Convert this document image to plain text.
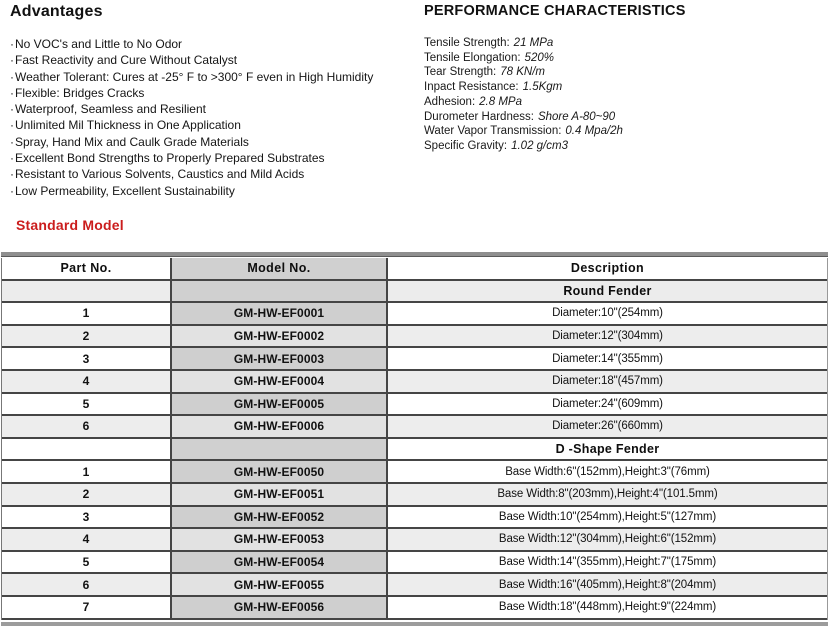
Advantages
·No VOC's and Little to No Odor
·Fast Reactivity and Cure Without Catalyst
·Weather Tolerant: Cures at -25° F to >300° F even in High Humidity
·Flexible: Bridges Cracks
·Waterproof, Seamless and Resilient
·Unlimited Mil Thickness in One Application
·Spray, Hand Mix and Caulk Grade Materials
·Excellent Bond Strengths to Properly Prepared Substrates
·Resistant to Various Solvents, Caustics and Mild Acids
·Low Permeability, Excellent Sustainability
PERFORMANCE CHARACTERISTICS
Tensile Strength: 21 MPa
Tensile Elongation: 520%
Tear Strength: 78 KN/m
Inpact Resistance: 1.5Kgm
Adhesion: 2.8 MPa
Durometer Hardness: Shore A-80~90
Water Vapor Transmission: 0.4 Mpa/2h
Specific Gravity: 1.02 g/cm3
Standard Model
Part No.	Model No.	Description
Round Fender
1	GM-HW-EF0001	Diameter:10"(254mm)
2	GM-HW-EF0002	Diameter:12"(304mm)
3	GM-HW-EF0003	Diameter:14"(355mm)
4	GM-HW-EF0004	Diameter:18"(457mm)
5	GM-HW-EF0005	Diameter:24"(609mm)
6	GM-HW-EF0006	Diameter:26"(660mm)
D -Shape Fender
1	GM-HW-EF0050	Base Width:6"(152mm),Height:3"(76mm)
2	GM-HW-EF0051	Base Width:8"(203mm),Height:4"(101.5mm)
3	GM-HW-EF0052	Base Width:10"(254mm),Height:5"(127mm)
4	GM-HW-EF0053	Base Width:12"(304mm),Height:6"(152mm)
5	GM-HW-EF0054	Base Width:14"(355mm),Height:7"(175mm)
6	GM-HW-EF0055	Base Width:16"(405mm),Height:8"(204mm)
7	GM-HW-EF0056	Base Width:18"(448mm),Height:9"(224mm)
